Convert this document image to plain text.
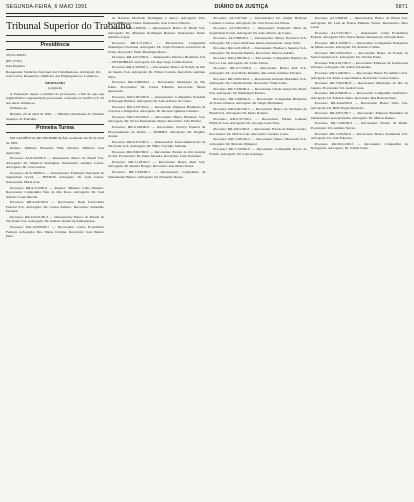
SEGUNDA-FEIRA, 6 MAIO 1991	DIÁRIO DA JUSTIÇA	5871
Tribunal Superior do Trabalho
Presidência

TST-S-366/91

(PE-17/91)

Para Registro

Requerente: Sindicato Nacional dos Trabalhadores. Advogado: Dr. José Carlos. Requerido: Sindicato dos Empregados no Comércio.

DESPACHO
(original)

A Federação requer a juntada da procuração, a fim de que seja regularizada a representação processual, conforme se verifica à fl. 23 dos autos. Intime-se.

Publique-se.

Brasília, 26 de abril de 1991. — Ministro Presidente do Tribunal Superior do Trabalho.

Primeira Turma

EM AUDIÊNCIA DE DISTRIBUIÇÃO, realizada em 29 de abril de 1991.

Relator: Ministro Fernando Vilar. Revisor: Ministro José Ajuricaba.

Processo: AI-6.104/90-9 — Interessado: Banco do Brasil S/A. Advogado: Dr. Maurício Rodrigues. Interessado: Antônio Carlos. Advogado: Dr. João Lemos.

Processo: AI-8.198/90-2 — Interessados: Fundação Petrobrás de Seguridade Social — PETROS. Advogado: Dr. Luiz Carlos. Interessada: Maria José.

Processo: RR-9.215/90-6 — Relator: Ministro Cnéa Moreira. Recorrente: Companhia Vale do Rio Doce. Advogado: Dr. José Alberto Couto Maciel.

Processo: RR-9.447/90-0 — Recorrente: Rede Ferroviária Federal S/A. Advogado: Dr. Carlos Alberto. Recorrido: Sebastião Ferreira.

Processo: RR-10.021/90-3 — Interessados: Banco do Estado de São Paulo S/A. Advogado: Dr. Aluízio Xavier de Albuquerque.

Processo: RR-10.338/90-7 — Recorrente: Caixa Econômica Federal. Advogada: Dra. Maria Cristina. Recorrido: José Pereira Neto.

dr. Roberto Machado Rodrigues e outros. Advogado: Dra. Carmen Oliveira Vieira. Interessado: José Carlos Oliveira.

Processo: RR-2.850/90 — Interessados: Banco do Brasil S/A. Advogado: Dr. Maurício Rodrigues Bezerra. Interessado: Pedro Antônio Lopes.

Processo: RR-3.712/90-1 — Interessados: Companhia Siderúrgica Nacional. Advogado: Dr. Jorge Fernando Gonçalves da Fonte. Recorrido: Paulo Henrique Matos.

Processo: RR-4.015/90-9 — Interessada: Petróleo Brasileiro S/A — PETROBRÁS. Advogado: Dr. Ruy Jorge Caldas Pereira.

Processo: RR-4.320/90-5 — Recorrente: Banco do Estado do Rio de Janeiro S/A. Advogado: Dr. Nilton Correia. Recorrido: Antônio Silva.

Processo: RR-4.588/90-2 — Recorrente: Município de São Paulo. Procurador: Dr. Carlos Eduardo. Recorrido: Maria Aparecida.

Processo: RR-5.001/90-8 — Interessados: Companhia Estadual de Energia Elétrica. Advogado: Dr. Lino Alberto de Castro.

Processo: RR-5.237/90-4 — Recorrente: Empresa Brasileira de Correios e Telégrafos. Advogado: Dr. Ricardo Quintas Carneiro.

Processo: RR-5.612/90-0 — Recorrente: Banco Bradesco S/A. Advogado: Dr. Victor Russomano Júnior. Recorrido: João Batista.

Processo: RR-6.140/90-6 — Recorrente: Serviço Federal de Processamento de Dados — SERPRO. Advogado: Dr. Rogério Avelar.

Processo: RR-6.475/90-3 — Interessados: Telecomunicações de São Paulo S/A. Advogado: Dr. Hélio Carvalho Santana.

Processo: RR-6.902/90-9 — Recorrente: Estado do Rio Grande do Sul. Procurador: Dr. Paulo Moreira. Recorrido: Luiz Fernando.

Processo: RR-7.118/90-5 — Recorrente: Banco Real S/A. Advogado: Dr. Renato Borges. Recorrida: Ana Maria Souza.

Processo: RR-7.430/90-1 — Interessados: Companhia de Saneamento Básico. Advogado: Dr. Fernando Neves.

Processo: AI-3.017/90 — Interessados: Dr. Osmar Barbosa Cordeiro e outros. Advogado: Dr. José Torres das Neves.

Processo: AI-3.204/90-5 — Interessada: Fundação Sistel de Seguridade Social. Advogado: Dr. Lino Alberto de Castro.

Processo: AI-3.588/90-1 — Interessados: Banco Nacional S/A. Advogado: Dr. Carlos Robichez Penna. Interessado: Jorge Silva.

Processo: RR-4.101/90-8 — Interessado: Bradesco Seguros S/A. Advogado: Dr. Ronaldo Batista. Recorrido: Marcos Aurélio.

Processo: RR-4.380/90-4 — Recorrente: Companhia Paulista de Força e Luz. Advogado: Dr. Celso Ferraz.

Processo: RR-4.715/90-0 — Recorrente: Banco Itaú S/A. Advogado: Dr. José Maria Riemma. Recorrido: Antônio Ferreira.

Processo: RR-5.002/90-6 — Recorrente: Petróleo Brasileiro S/A. Advogado: Dr. Cláudio Penna. Recorrido: Valter Lima.

Processo: RR-5.336/90-2 — Recorrente: Viação Aérea São Paulo S/A. Advogado: Dr. Emmanuel Pereira.

Processo: RR-5.690/90-9 — Recorrente: Companhia Brasileira de Trens Urbanos. Advogado: Dr. Sérgio Bermudes.

Processo: RR-6.021/90-5 — Recorrente: Banco do Nordeste do Brasil S/A. Advogado: Dr. Paulo Roberto.

Processo: RR-6.377/90-1 — Recorrente: Furnas Centrais Elétricas S/A. Advogado: Dr. Lycurgo Leite Neto.

Processo: RR-6.812/90-8 — Recorrente: Estado de Minas Gerais. Procurador: Dr. Márcio Luís. Recorrido: Geraldo Costa.

Processo: RR-7.205/90-4 — Recorrente: Banco Mercantil S/A. Advogado: Dr. Marcelo Pimentel.

Processo: RR-7.533/90-0 — Recorrente: Companhia Docas do Estado. Advogado: Dr. Luiz Gonzaga.

Processo: AI-3.360/90 — Interessados: Banco do Brasil S/A. Advogado: Dr. Luiz de França Pinheiro Torres. Interessado: Júlio César.

Processo: AI-3.791/90-7 — Interessada: Caixa Econômica Federal. Advogada: Dra. Neusa Maria. Interessado: Osvaldo Reis.

Processo: RR-4.118/90-3 — Recorrente: Companhia Energética de Minas Gerais. Advogado: Dr. Roberto Caldas.

Processo: RR-4.502/90-9 — Recorrente: Banco do Estado de Santa Catarina S/A. Advogado: Dr. Vicente Paula.

Processo: RR-4.917/90-5 — Recorrente: Empresa de Transportes Urbanos. Advogado: Dr. Ailton Fernandes.

Processo: RR-5.240/90-1 — Recorrente: Banco Econômico S/A. Advogado: Dr. Pedro Lopes Ramos. Recorrido: Carlos Santos.

Processo: RR-5.603/90-8 — Recorrente: Município do Rio de Janeiro. Procurador: Dr. André Costa.

Processo: RR-6.009/90-4 — Recorrente: Companhia Telefônica. Advogado: Dr. Eduardo Melo. Recorrido: Rui Barbosa Neto.

Processo: RR-6.442/90-0 — Recorrente: Banco Safra S/A. Advogado: Dr. Hélio Puget Monteiro.

Processo: RR-6.871/90-7 — Recorrente: Empresa Brasileira de Infraestrutura Aeroportuária. Advogado: Dr. Milton Ramos.

Processo: RR-7.286/90-3 — Recorrente: Estado da Bahia. Procurador: Dr. Antônio Neves.

Processo: RR-7.650/90-9 — Recorrente: Banco Sudameris S/A. Advogado: Dr. José Eduardo.

Processo: RR-8.014/90-5 — Recorrente: Companhia de Navegação. Advogado: Dr. Tomás Lima.
